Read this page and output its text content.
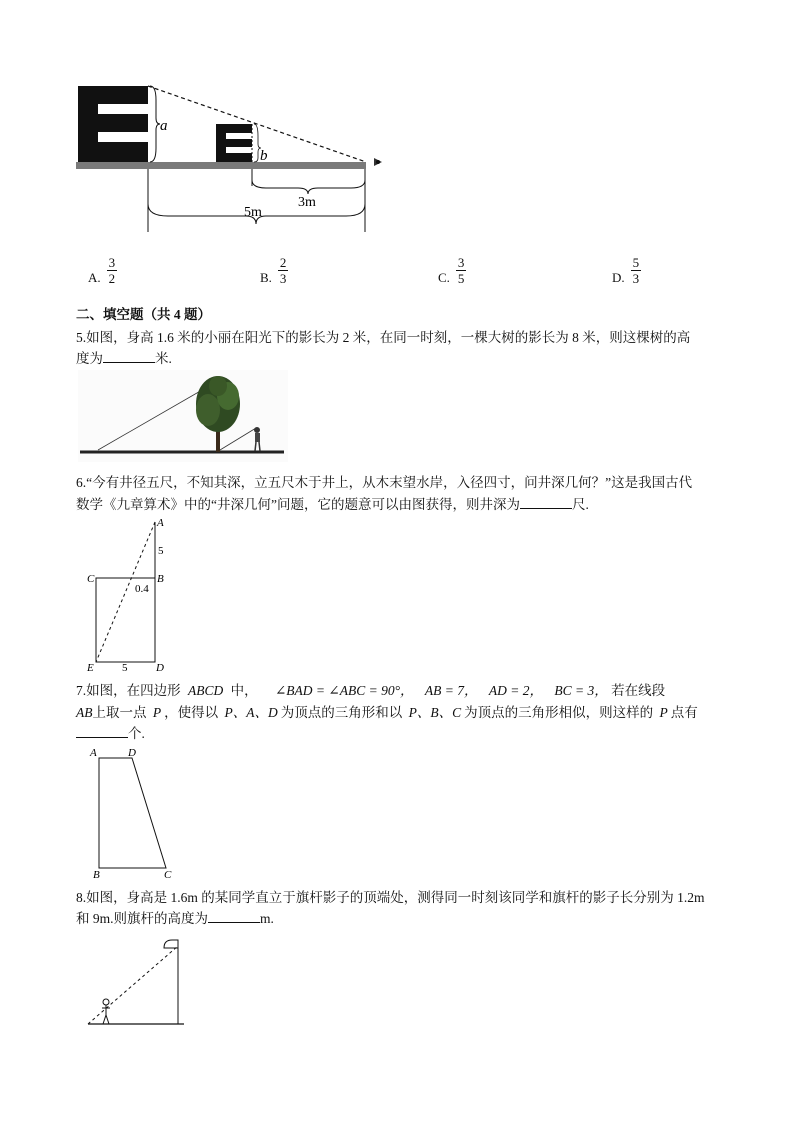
a
b
3m
5m
A. $\frac{3}{2}$	B. $\frac{2}{3}$	C. $\frac{3}{5}$	D. $\frac{5}{3}$
二、填空题（共 4 题）
5.如图，身高 1.6 米的小丽在阳光下的影长为 2 米，在同一时刻，一棵大树的影长为 8 米，则这棵树的高
度为	米.
6.“今有井径五尺，不知其深，立五尺木于井上，从木末望水岸，入径四寸，问井深几何？”这是我国古代
数学《九章算术》中的“井深几何”问题，它的题意可以由图获得，则井深为	尺.
A
B
C
D
E
5
0.4
5
7.如图，在四边形 ABCD 中， ∠BAD = ∠ABC = 90°， AB = 7， AD = 2， BC = 3， 若在线段
AB上取一点 P ，使得以 P、A、D 为顶点的三角形和以 P、B、C 为顶点的三角形相似，则这样的 P 点有
个.
A	D
B	C
8.如图，身高是 1.6m 的某同学直立于旗杆影子的顶端处，测得同一时刻该同学和旗杆的影子长分别为 1.2m
和 9m.则旗杆的高度为	m.
